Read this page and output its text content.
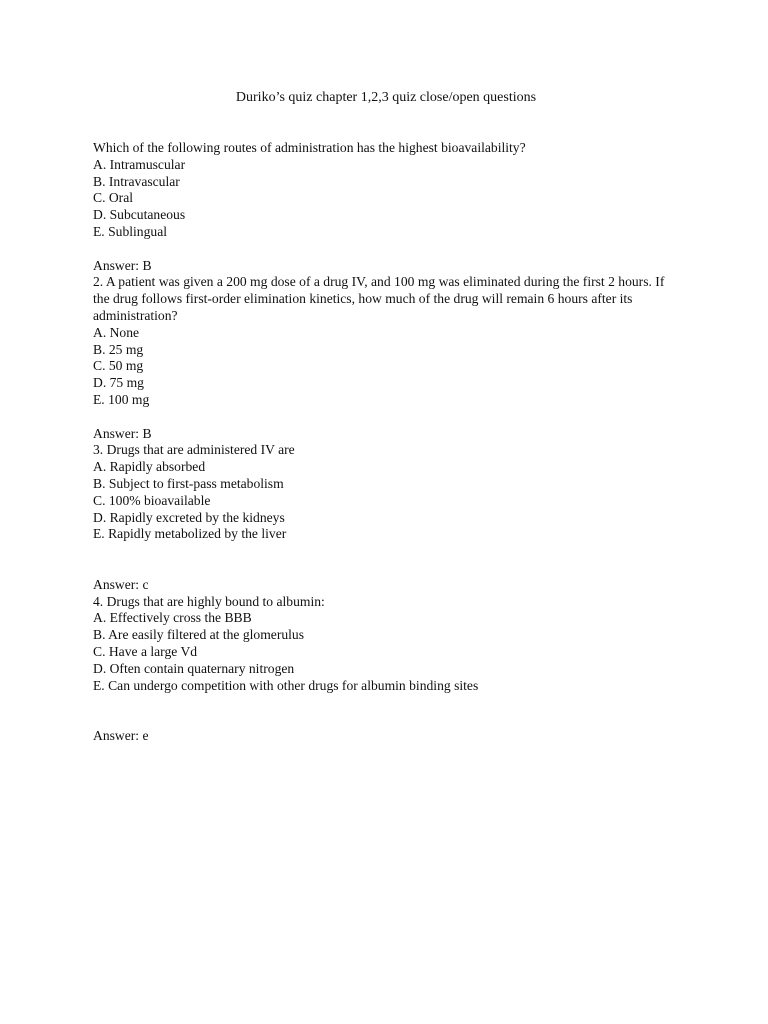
Duriko’s quiz chapter 1,2,3 quiz close/open questions
Which of the following routes of administration has the highest bioavailability?
A. Intramuscular
B. Intravascular
C. Oral
D. Subcutaneous
E. Sublingual
Answer: B
2. A patient was given a 200 mg dose of a drug IV, and 100 mg was eliminated during the first 2 hours. If the drug follows first-order elimination kinetics, how much of the drug will remain 6 hours after its administration?
A. None
B. 25 mg
C. 50 mg
D. 75 mg
E. 100 mg
Answer: B
3. Drugs that are administered IV are
A. Rapidly absorbed
B. Subject to first-pass metabolism
C. 100% bioavailable
D. Rapidly excreted by the kidneys
E. Rapidly metabolized by the liver
Answer: c
4. Drugs that are highly bound to albumin:
A. Effectively cross the BBB
B. Are easily filtered at the glomerulus
C. Have a large Vd
D. Often contain quaternary nitrogen
E. Can undergo competition with other drugs for albumin binding sites
Answer: e
